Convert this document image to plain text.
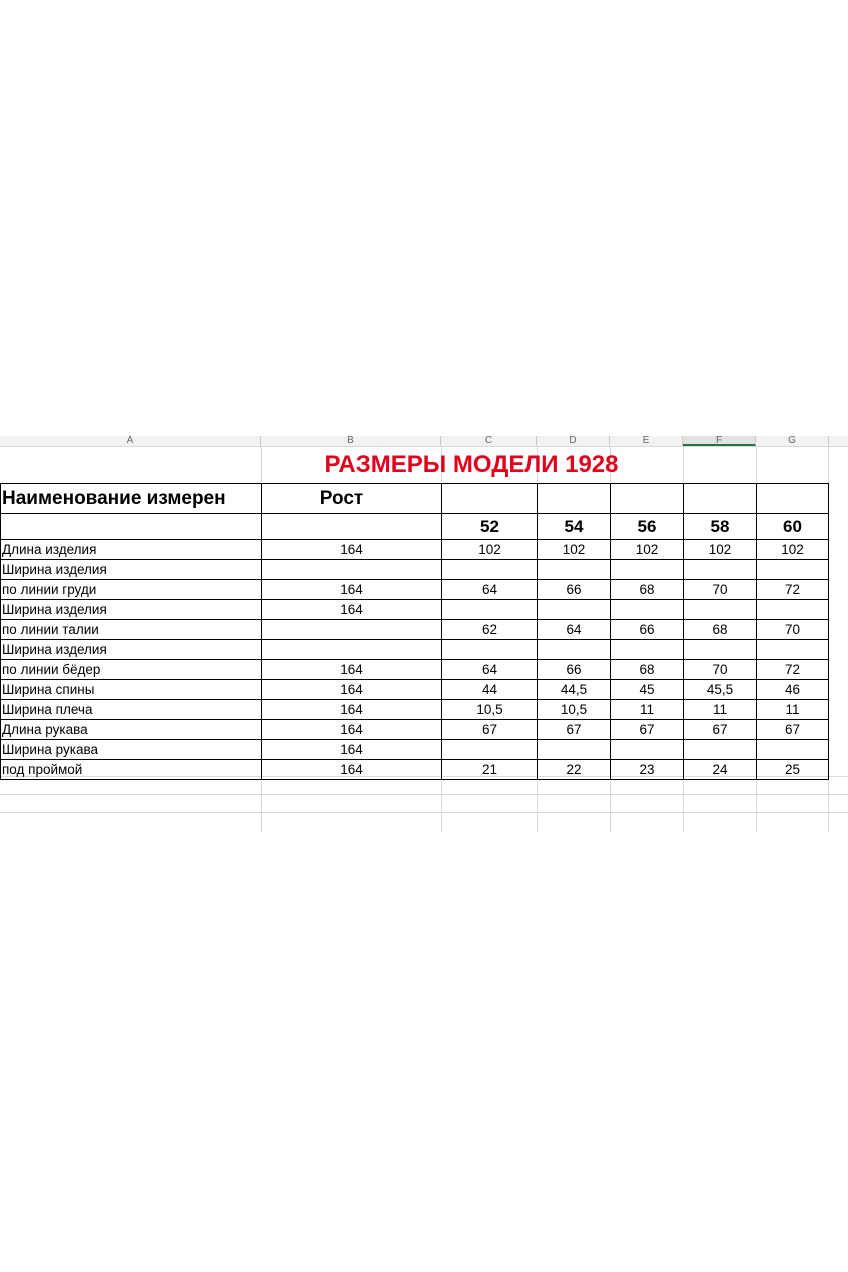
A	B	C	D	E	F	G
РАЗМЕРЫ МОДЕЛИ 1928
Наименование измерен	Рост					
		52	54	56	58	60
Длина изделия	164	102	102	102	102	102
Ширина изделия						
по линии груди	164	64	66	68	70	72
Ширина изделия	164					
по линии талии		62	64	66	68	70
Ширина изделия						
по линии бёдер	164	64	66	68	70	72
Ширина спины	164	44	44,5	45	45,5	46
Ширина плеча	164	10,5	10,5	11	11	11
Длина рукава	164	67	67	67	67	67
Ширина рукава	164					
под проймой	164	21	22	23	24	25
